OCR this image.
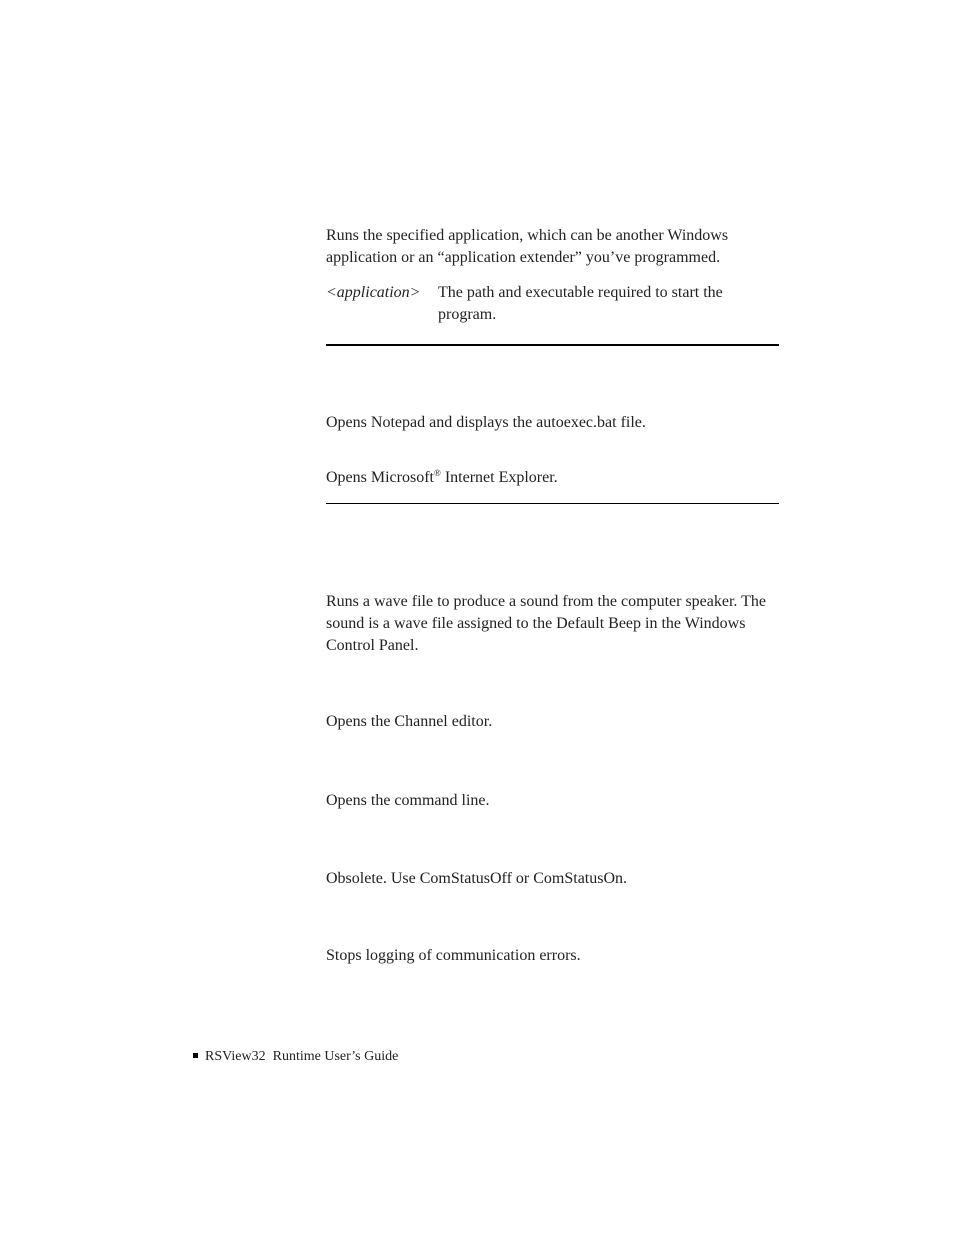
Runs the specified application, which can be another Windows application or an “application extender” you’ve programmed.

<application> The path and executable required to start the program.

Opens Notepad and displays the autoexec.bat file.

Opens Microsoft® Internet Explorer.

Runs a wave file to produce a sound from the computer speaker. The sound is a wave file assigned to the Default Beep in the Windows Control Panel.

Opens the Channel editor.

Opens the command line.

Obsolete. Use ComStatusOff or ComStatusOn.

Stops logging of communication errors.

RSView32  Runtime User’s Guide
